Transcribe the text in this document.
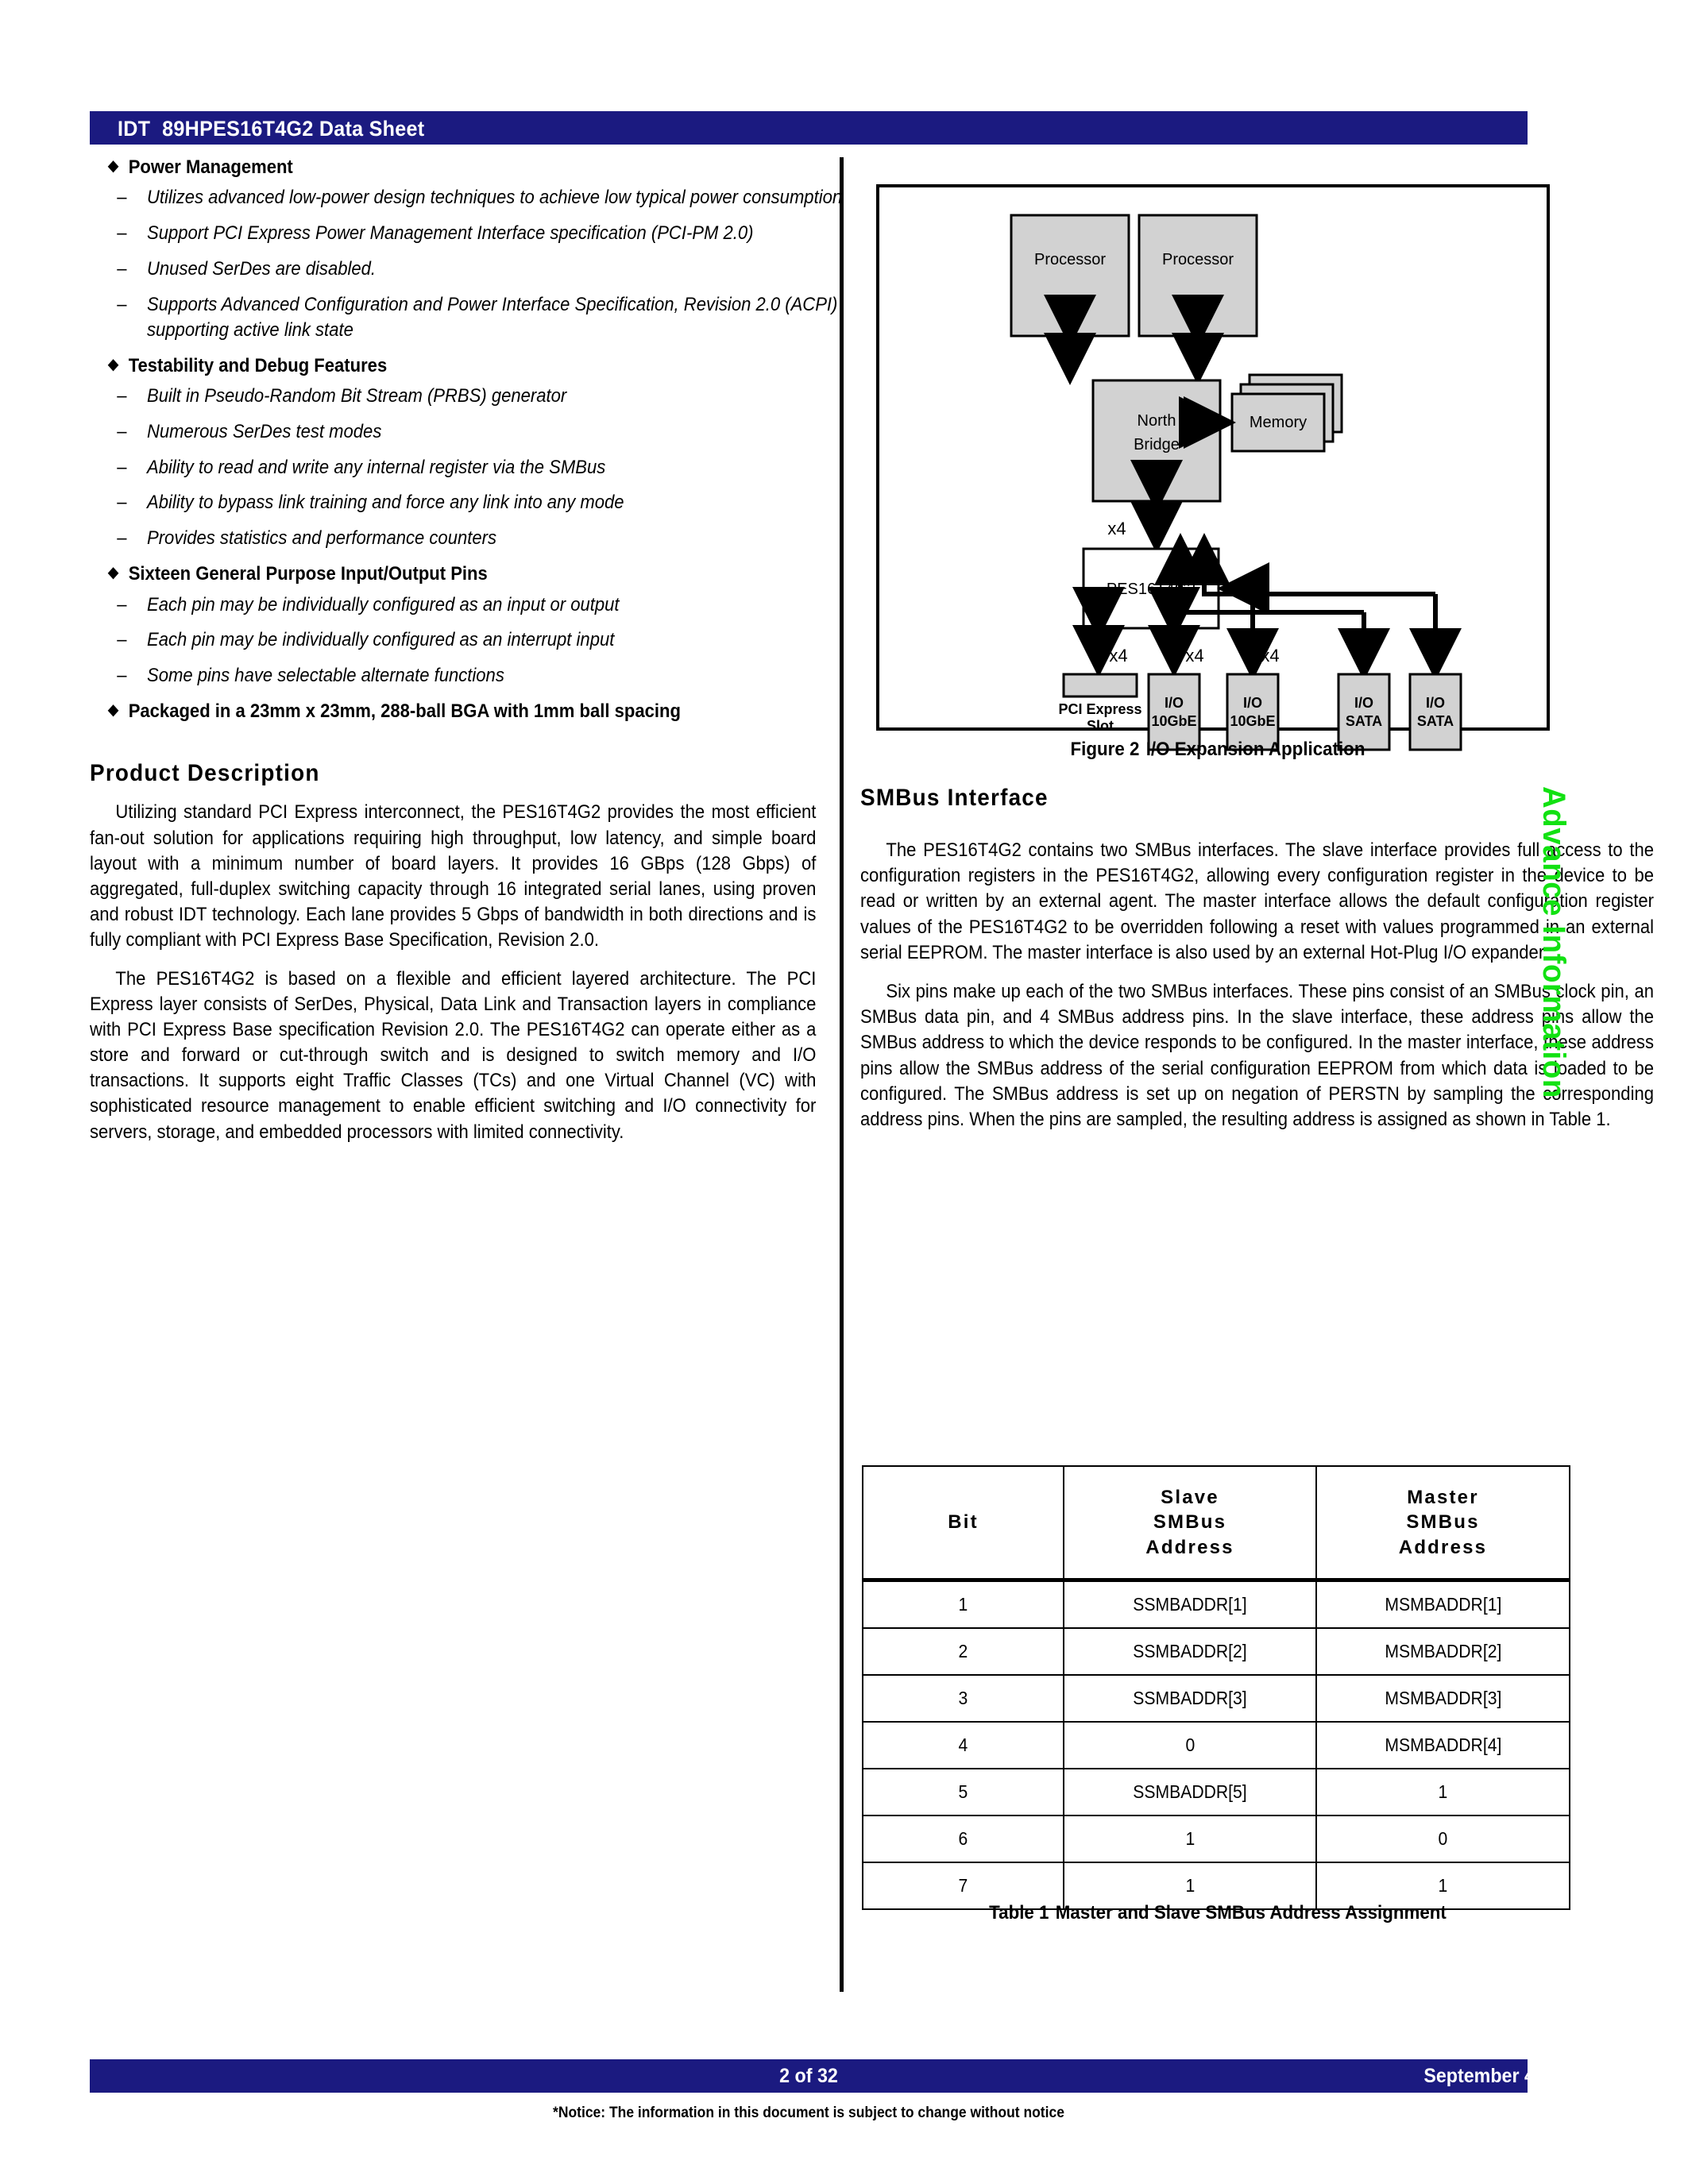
IDT 89HPES16T4G2 Data Sheet
◆ Power Management
– Utilizes advanced low-power design techniques to achieve low typical power consumption
– Support PCI Express Power Management Interface specification (PCI-PM 2.0)
– Unused SerDes are disabled.
– Supports Advanced Configuration and Power Interface Specification, Revision 2.0 (ACPI) supporting active link state
◆ Testability and Debug Features
– Built in Pseudo-Random Bit Stream (PRBS) generator
– Numerous SerDes test modes
– Ability to read and write any internal register via the SMBus
– Ability to bypass link training and force any link into any mode
– Provides statistics and performance counters
◆ Sixteen General Purpose Input/Output Pins
– Each pin may be individually configured as an input or output
– Each pin may be individually configured as an interrupt input
– Some pins have selectable alternate functions
◆ Packaged in a 23mm x 23mm, 288-ball BGA with 1mm ball spacing
Product Description

Utilizing standard PCI Express interconnect, the PES16T4G2 provides the most efficient fan-out solution for applications requiring high throughput, low latency, and simple board layout with a minimum number of board layers. It provides 16 GBps (128 Gbps) of aggregated, full-duplex switching capacity through 16 integrated serial lanes, using proven and robust IDT technology. Each lane provides 5 Gbps of bandwidth in both directions and is fully compliant with PCI Express Base Specification, Revision 2.0.

The PES16T4G2 is based on a flexible and efficient layered architecture. The PCI Express layer consists of SerDes, Physical, Data Link and Transaction layers in compliance with PCI Express Base specification Revision 2.0. The PES16T4G2 can operate either as a store and forward or cut-through switch and is designed to switch memory and I/O transactions. It supports eight Traffic Classes (TCs) and one Virtual Channel (VC) with sophisticated resource management to enable efficient switching and I/O connectivity for servers, storage, and embedded processors with limited connectivity.

Processor	Processor
North
Bridge
Memory
x4
PES16T4G2
x4	x4	x4
PCI Express
Slot
I/O
10GbE
I/O
10GbE
I/O
SATA
I/O
SATA
Figure 2 I/O Expansion Application
SMBus Interface

The PES16T4G2 contains two SMBus interfaces. The slave interface provides full access to the configuration registers in the PES16T4G2, allowing every configuration register in the device to be read or written by an external agent. The master interface allows the default configuration register values of the PES16T4G2 to be overridden following a reset with values programmed in an external serial EEPROM. The master interface is also used by an external Hot-Plug I/O expander.

Six pins make up each of the two SMBus interfaces. These pins consist of an SMBus clock pin, an SMBus data pin, and 4 SMBus address pins. In the slave interface, these address pins allow the SMBus address to which the device responds to be configured. In the master interface, these address pins allow the SMBus address of the serial configuration EEPROM from which data is loaded to be configured. The SMBus address is set up on negation of PERSTN by sampling the corresponding address pins. When the pins are sampled, the resulting address is assigned as shown in Table 1.

Bit

Slave
SMBus
Address

Master
SMBus
Address

1	SSMBADDR[1]	MSMBADDR[1]
2	SSMBADDR[2]	MSMBADDR[2]
3	SSMBADDR[3]	MSMBADDR[3]
4	0	MSMBADDR[4]
5	SSMBADDR[5]	1
6	1	0
7	1	1
Table 1 Master and Slave SMBus Address Assignment
Advance Information
2 of 32	September 4, 2007
*Notice: The information in this document is subject to change without notice
